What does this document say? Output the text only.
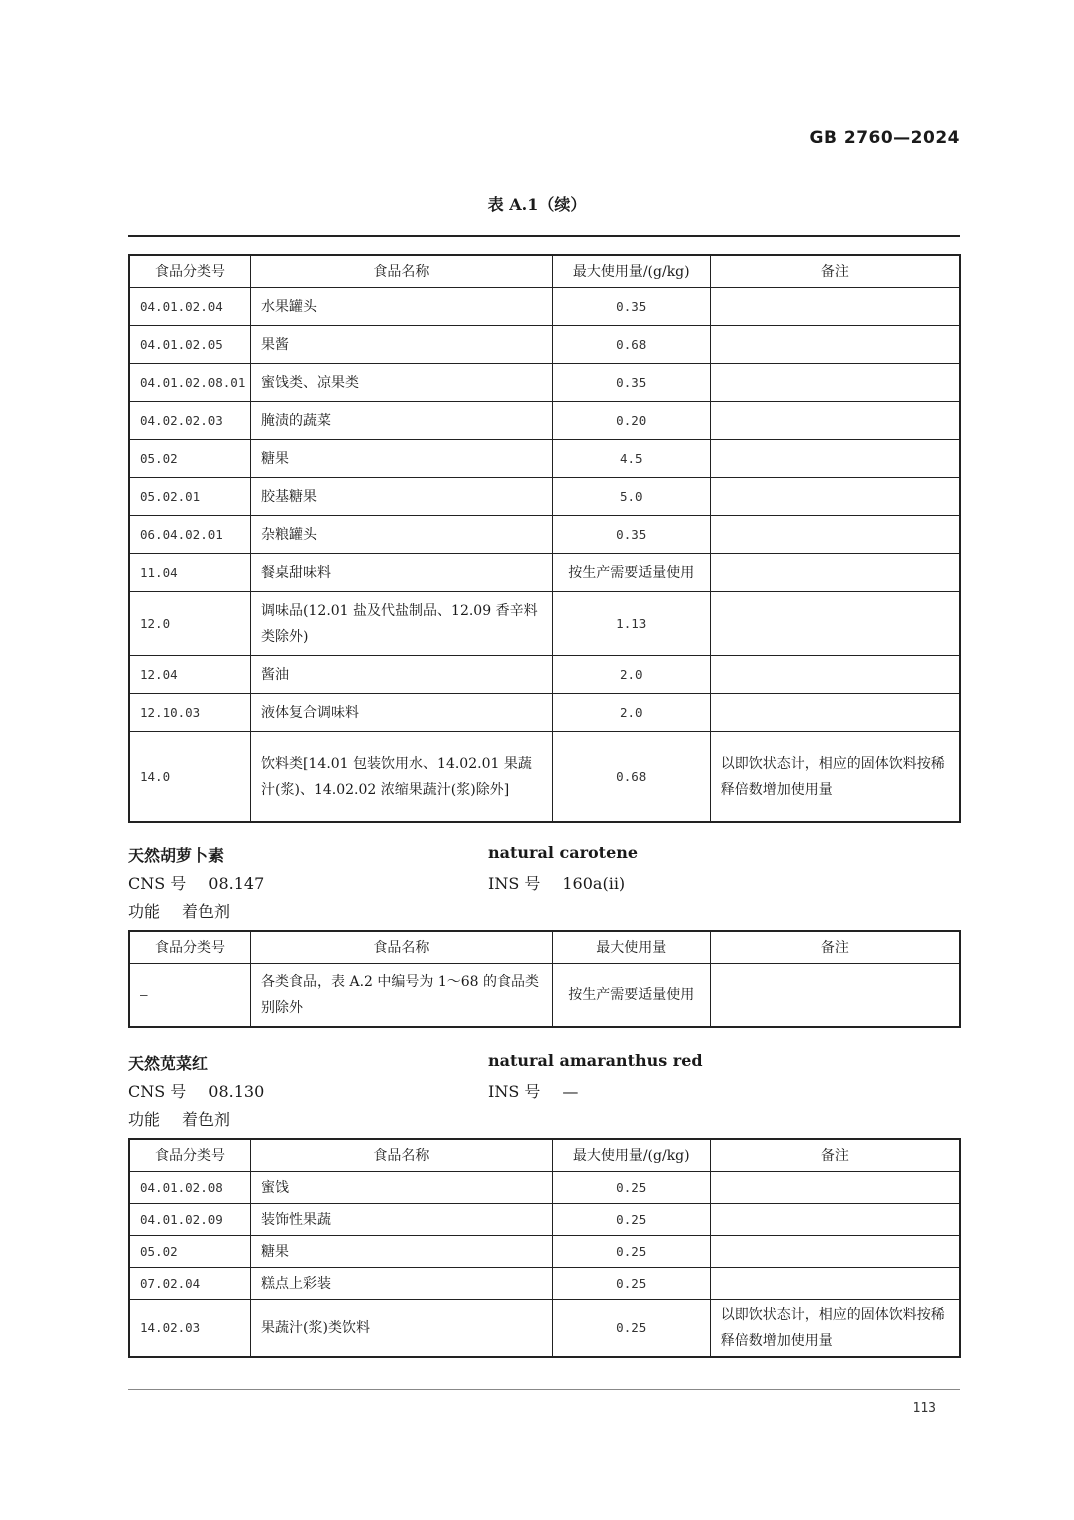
GB 2760—2024
表 A.1（续）
食品分类号	食品名称	最大使用量/(g/kg)	备注
04.01.02.04	水果罐头	0.35	
04.01.02.05	果酱	0.68	
04.01.02.08.01	蜜饯类、凉果类	0.35	
04.02.02.03	腌渍的蔬菜	0.20	
05.02	糖果	4.5	
05.02.01	胶基糖果	5.0	
06.04.02.01	杂粮罐头	0.35	
11.04	餐桌甜味料	按生产需要适量使用	
12.0	调味品(12.01 盐及代盐制品、12.09 香辛料类除外)	1.13	
12.04	酱油	2.0	
12.10.03	液体复合调味料	2.0	
14.0	饮料类[14.01 包装饮用水、14.02.01 果蔬汁(浆)、14.02.02 浓缩果蔬汁(浆)除外]	0.68	以即饮状态计，相应的固体饮料按稀释倍数增加使用量
天然胡萝卜素	natural carotene
CNS 号 08.147	INS 号 160a(ii)
功能 着色剂
食品分类号	食品名称	最大使用量	备注
—	各类食品，表 A.2 中编号为 1～68 的食品类别除外	按生产需要适量使用	
天然苋菜红	natural amaranthus red
CNS 号 08.130	INS 号 —
功能 着色剂
食品分类号	食品名称	最大使用量/(g/kg)	备注
04.01.02.08	蜜饯	0.25	
04.01.02.09	装饰性果蔬	0.25	
05.02	糖果	0.25	
07.02.04	糕点上彩装	0.25	
14.02.03	果蔬汁(浆)类饮料	0.25	以即饮状态计，相应的固体饮料按稀释倍数增加使用量
113
